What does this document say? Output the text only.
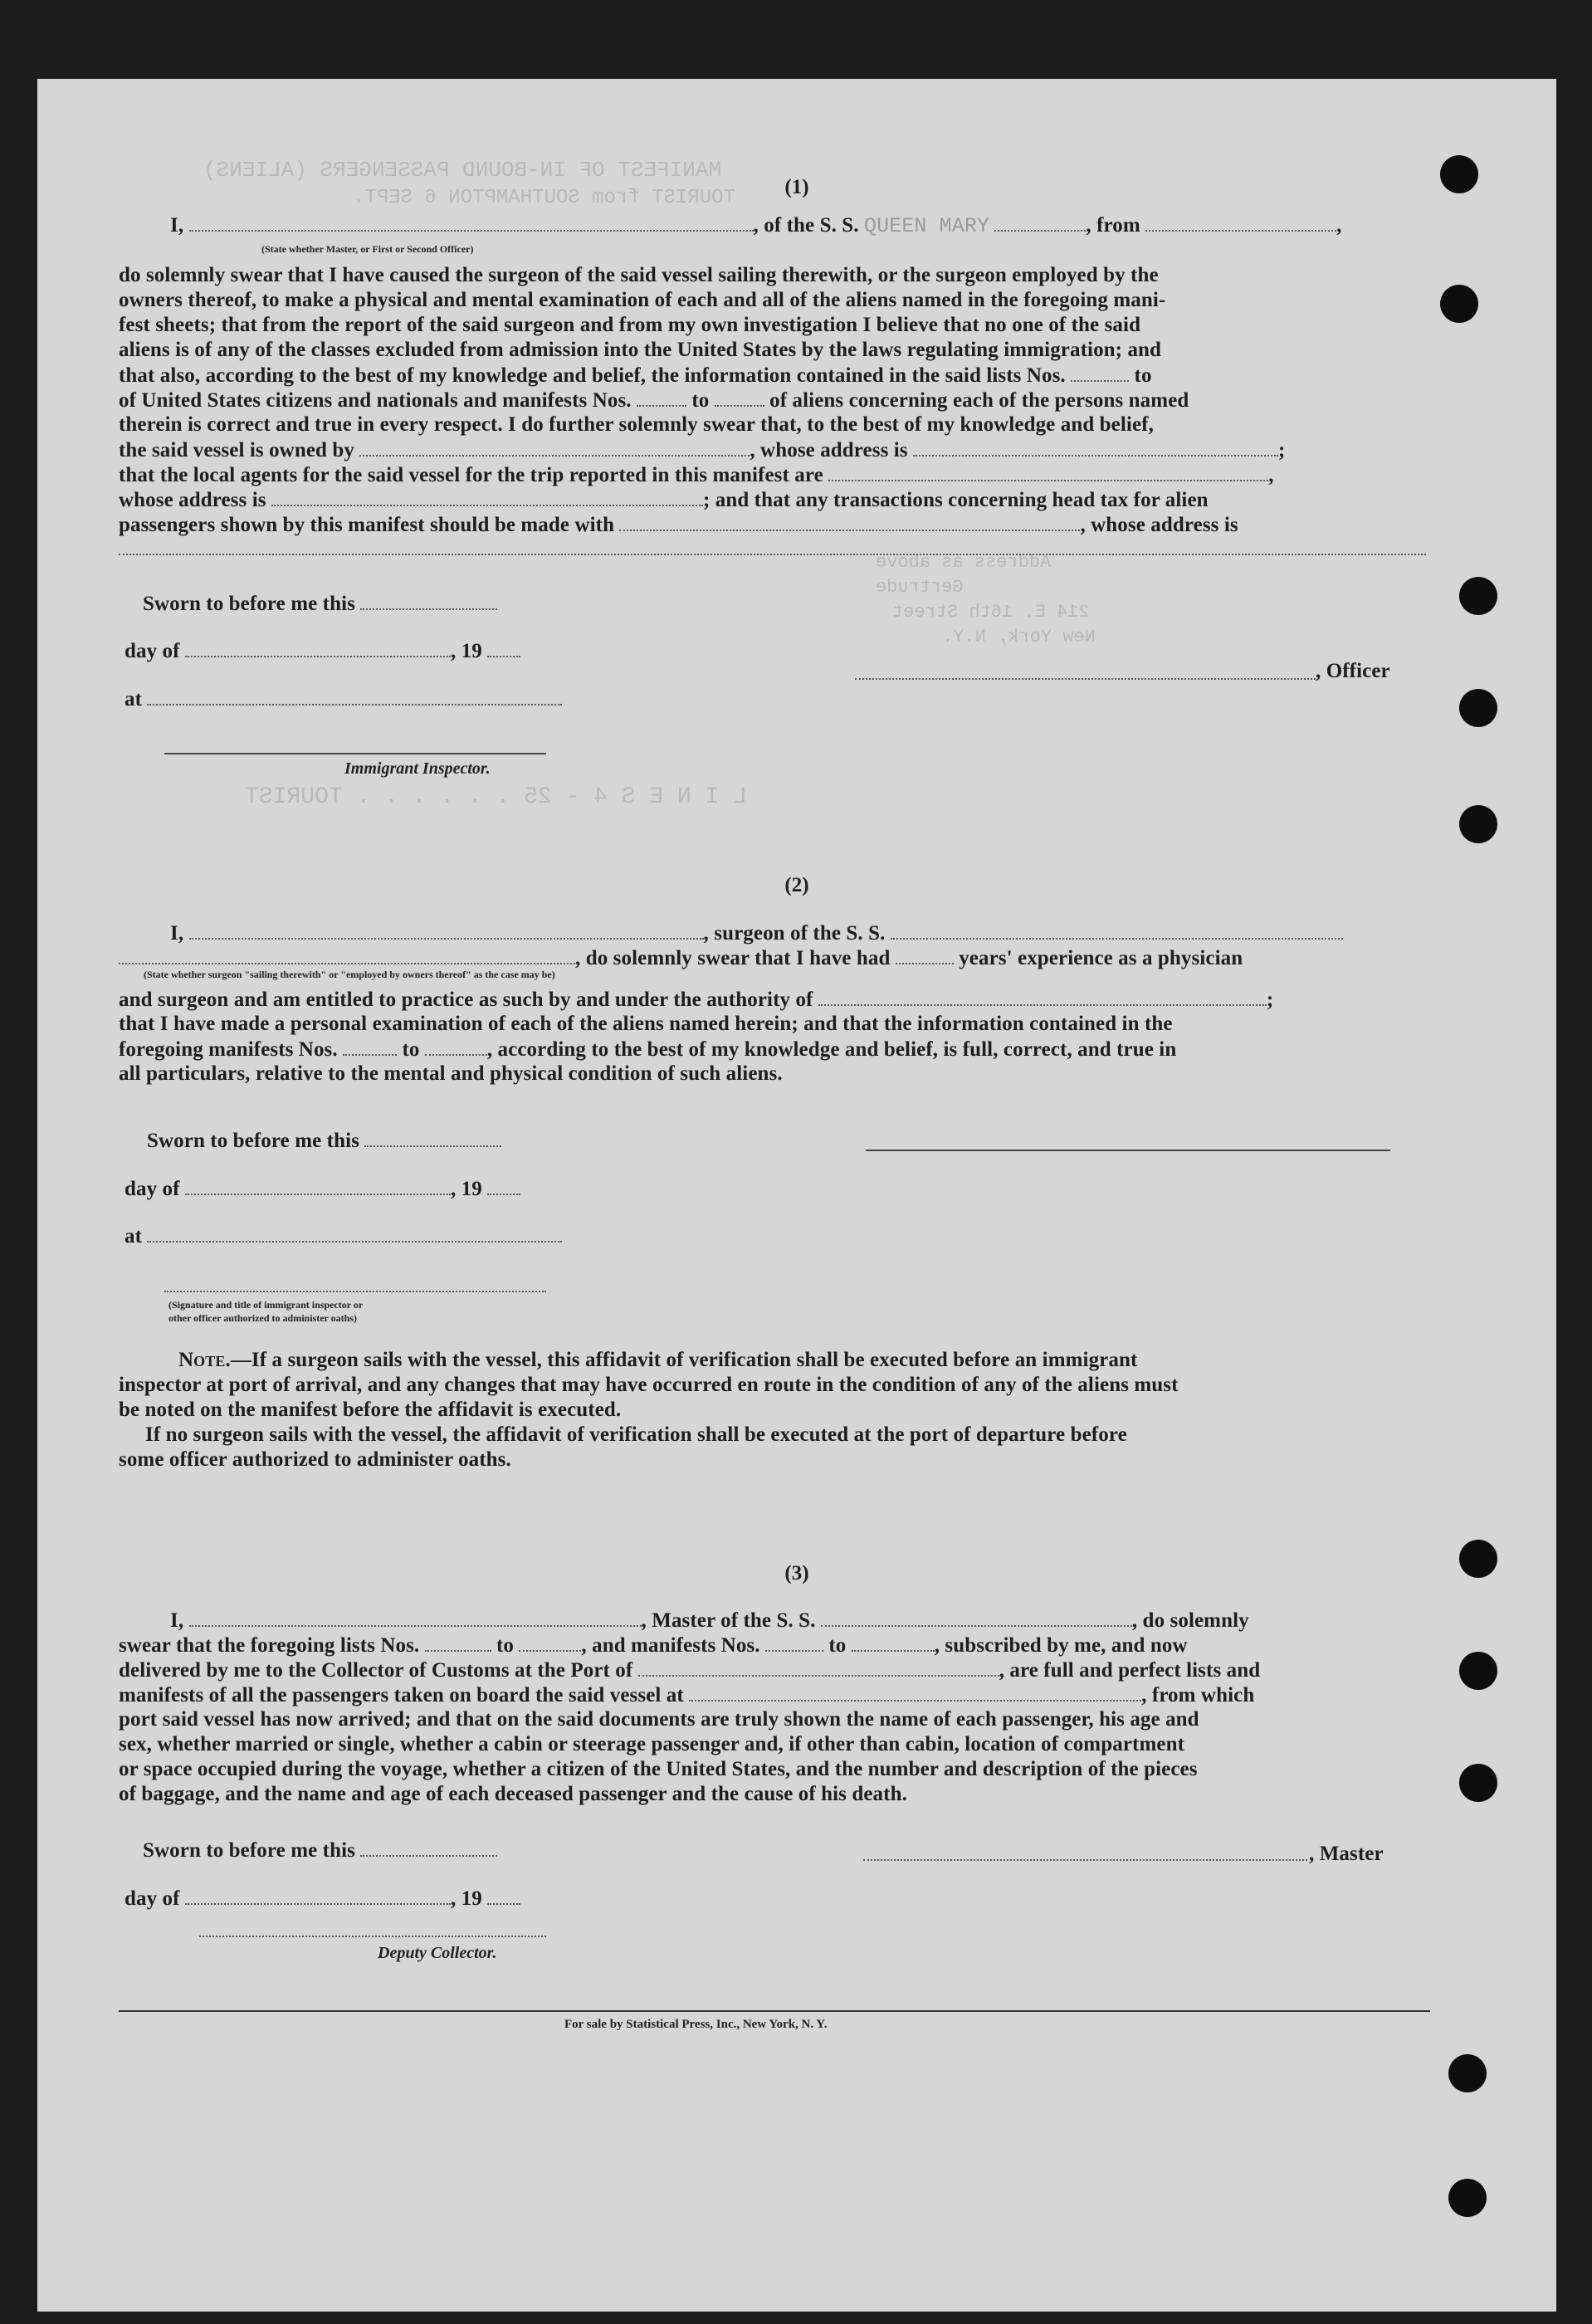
MANIFEST OF IN-BOUND PASSENGERS (ALIENS)
TOURIST from SOUTHAMPTON 6 SEPT.
Address as above
Gertrude
214 E. 16th Street
New York, N.Y.
L I N E S 4 - 25 . . . . . . TOURIST
(1)
I,	, of the S. S. QUEEN MARY	, from	,
(State whether Master, or First or Second Officer)
do solemnly swear that I have caused the surgeon of the said vessel sailing therewith, or the surgeon employed by the
owners thereof, to make a physical and mental examination of each and all of the aliens named in the foregoing mani-
fest sheets; that from the report of the said surgeon and from my own investigation I believe that no one of the said
aliens is of any of the classes excluded from admission into the United States by the laws regulating immigration; and
that also, according to the best of my knowledge and belief, the information contained in the said lists Nos.	to
of United States citizens and nationals and manifests Nos.	to	of aliens concerning each of the persons named
therein is correct and true in every respect. I do further solemnly swear that, to the best of my knowledge and belief,
the said vessel is owned by	, whose address is	;
that the local agents for the said vessel for the trip reported in this manifest are	,
whose address is	; and that any transactions concerning head tax for alien
passengers shown by this manifest should be made with	, whose address is
Sworn to before me this
day of	, 19
at
Immigrant Inspector.
, Officer
(2)
I,	, surgeon of the S. S.
, do solemnly swear that I have had	years' experience as a physician
(State whether surgeon "sailing therewith" or "employed by owners thereof" as the case may be)
and surgeon and am entitled to practice as such by and under the authority of	;
that I have made a personal examination of each of the aliens named herein; and that the information contained in the
foregoing manifests Nos.	to	, according to the best of my knowledge and belief, is full, correct, and true in
all particulars, relative to the mental and physical condition of such aliens.
Sworn to before me this
day of	, 19
at
(Signature and title of immigrant inspector or
other officer authorized to administer oaths)
Note.—If a surgeon sails with the vessel, this affidavit of verification shall be executed before an immigrant
inspector at port of arrival, and any changes that may have occurred en route in the condition of any of the aliens must
be noted on the manifest before the affidavit is executed.
If no surgeon sails with the vessel, the affidavit of verification shall be executed at the port of departure before
some officer authorized to administer oaths.
(3)
I,	, Master of the S. S.	, do solemnly
swear that the foregoing lists Nos.	to	, and manifests Nos.	to	, subscribed by me, and now
delivered by me to the Collector of Customs at the Port of	, are full and perfect lists and
manifests of all the passengers taken on board the said vessel at	, from which
port said vessel has now arrived; and that on the said documents are truly shown the name of each passenger, his age and
sex, whether married or single, whether a cabin or steerage passenger and, if other than cabin, location of compartment
or space occupied during the voyage, whether a citizen of the United States, and the number and description of the pieces
of baggage, and the name and age of each deceased passenger and the cause of his death.
Sworn to before me this	, Master
day of	, 19
Deputy Collector.
For sale by Statistical Press, Inc., New York, N. Y.
